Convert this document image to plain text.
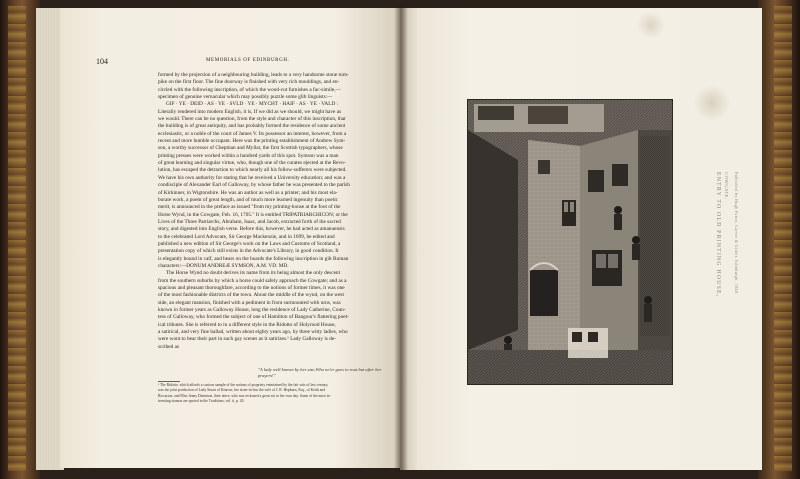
104	MEMORIALS OF EDINBURGH.
formed by the projection of a neighbouring building, leads to a very handsome stone turn-
pike on the first floor. The fine doorway is finished with very rich mouldings, and en-
circled with the following inscription, of which the wood-cut furnishes a fac-simile,—
specimen of genuine vernacular which may possibly puzzle some glib linguists:—
GIF · YE · DEID · AS · YE · SVLD · YE · MYCHT · HAIF · AS · YE · VALD :
Literally rendered into modern English, it is, If we did as we should, we might have as
we would. There can be no question, from the style and character of this inscription, that
the building is of great antiquity, and has probably formed the residence of some ancient
ecclesiastic, or a noble of the court of James V. Its possessor an interest, however, from a
recent and more humble occupant. Here was the printing establishment of Andrew Sym-
son, a worthy successor of Chepman and Myllar, the first Scottish typographers, whose
printing presses were worked within a hundred yards of this spot. Symson was a man
of great learning and singular virtue, who, though one of the curates ejected at the Revo-
lution, has escaped the detraction to which nearly all his follow-sufferers were subjected.
We have his own authority for stating that he received a University education; and was a
condisciple of Alexander Earl of Galloway, by whose father he was presented to the parish
of Kirkinner, in Wigtonshire. He was an author as well as a printer; and his most ela-
borate work, a poem of great length, and of much more learned ingenuity than poetic
merit, is announced in the preface as issued "from my printing-house at the foot of the
Horse Wynd, in the Cowgate, Feb. 16, 1705." It is entitled TRIPATRIARCHICON; or the
Lives of the Three Patriarchs, Abraham, Isaac, and Jacob, extracted forth of the sacred
story, and digested into English verse. Before this, however, he had acted as amanuensis
to the celebrated Lord Advocate, Sir George Mackenzie, and in 1699, he edited and
published a new edition of Sir George's work on the Laws and Customs of Scotland, a
presentation copy of which still exists in the Advocate's Library, in good condition. It
is elegantly bound in calf, and bears on the boards the following inscription in gilt Roman
characters:—DONUM ANDREÆ SYMSON, A.M. VD. MD.
The Horse Wynd no doubt derives its name from its being almost the only descent
from the southern suburbs by which a horse could safely approach the Cowgate; and as a
spacious and pleasant thoroughfare, according to the notions of former times, it was one
of the most fashionable districts of the town. About the middle of the wynd, on the west
side, an elegant mansion, finished with a pediment in front surmounted with urns, was
known in former years as Galloway House, long the residence of Lady Catherine, Coun-
tess of Galloway, who formed the subject of one of Hamilton of Bangour's flattering poet-
ical tributes. She is referred to in a different style in the Ridotto of Holyrood House,
a satirical, and very fine ballad, written about eighty years ago, by three witty ladies, who
were wont to bear their part in such gay scenes as it satirizes.¹ Lady Galloway is de-
scribed as
"A lady well known by her size,Who ne'er goes to rout but after her prayers!"
¹ The Ridotto, which affords a curious sample of the notions of propriety entertained by the fair wits of last century,
was the joint production of Lady Stuart of Kinross, her sister-in-law the wife of J. R. Hepburn, Esq., of Keith and
Riccarton, and Miss Jenny Dennison, their niece, who was reckoned a great wit in her own day. Some of the most in-
teresting stanzas are quoted in the Traditions, vol. ii. p. 20.
ENTRY TO OLD PRINTING HOUSE, COWGATE.	Published by Hugh Paton, Carver & Gilder, Edinburgh, 1848.
